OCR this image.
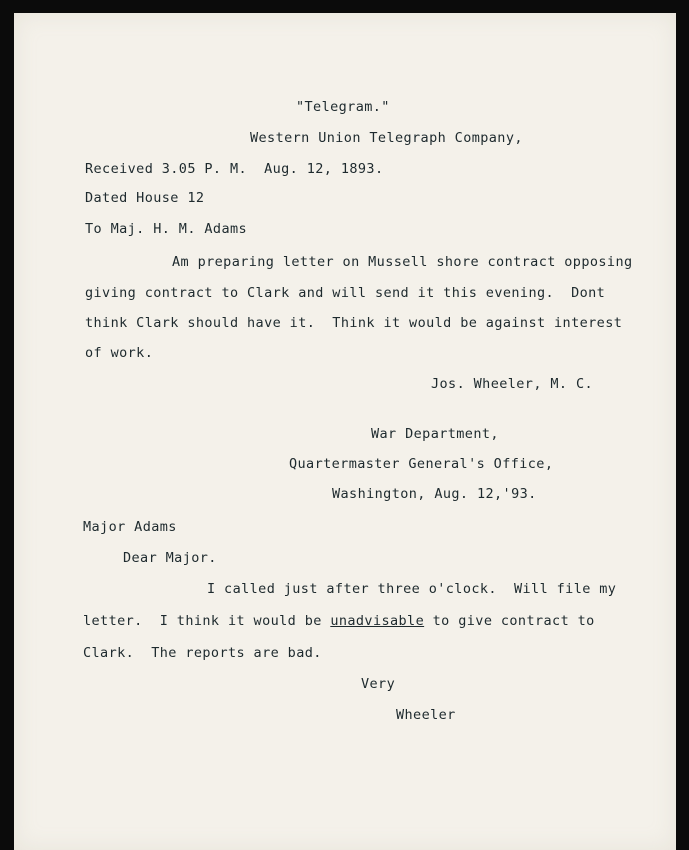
"Telegram."
Western Union Telegraph Company,
Received 3.05 P. M.  Aug. 12, 1893.
Dated House 12
To Maj. H. M. Adams
Am preparing letter on Mussell shore contract opposing
giving contract to Clark and will send it this evening.  Dont
think Clark should have it.  Think it would be against interest
of work.
Jos. Wheeler, M. C.
War Department,
Quartermaster General's Office,
Washington, Aug. 12,'93.
Major Adams
Dear Major.
I called just after three o'clock.  Will file my
letter.  I think it would be unadvisable to give contract to
Clark.  The reports are bad.
Very
Wheeler
